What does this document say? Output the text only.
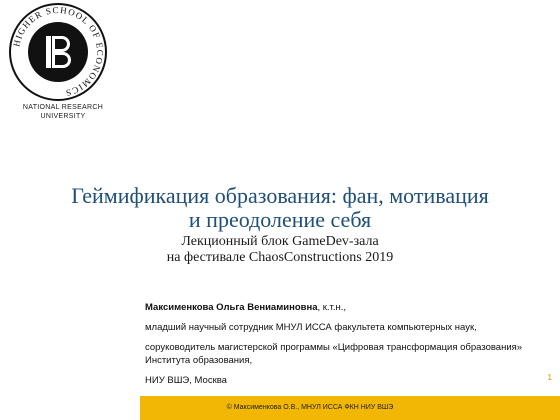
HIGHER SCHOOL OF ECONOMICS
NATIONAL RESEARCH
UNIVERSITY
Геймификация образования: фан, мотивация
и преодоление себя
Лекционный блок GameDev-зала
на фестивале ChaosConstructions 2019

Максименкова Ольга Вениаминовна, к.т.н.,

младший научный сотрудник МНУЛ ИССА факультета компьютерных наук,

соруководитель магистерской программы «Цифровая трансформация образования» Института образования,

НИУ ВШЭ, Москва	1
© Максименкова О.В., МНУЛ ИССА ФКН НИУ ВШЭ
